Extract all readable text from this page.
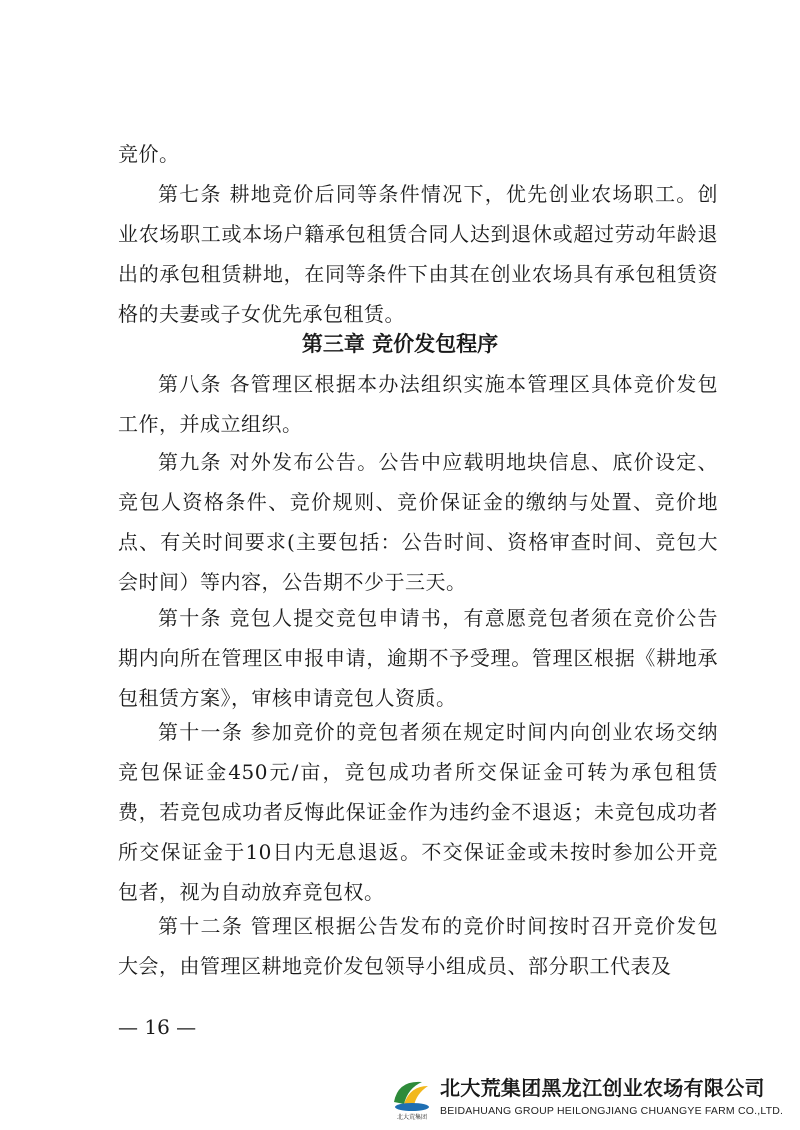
竞价。

第七条 耕地竞价后同等条件情况下，优先创业农场职工。创业农场职工或本场户籍承包租赁合同人达到退休或超过劳动年龄退出的承包租赁耕地，在同等条件下由其在创业农场具有承包租赁资格的夫妻或子女优先承包租赁。

第三章 竞价发包程序

第八条 各管理区根据本办法组织实施本管理区具体竞价发包工作，并成立组织。

第九条 对外发布公告。公告中应载明地块信息、底价设定、竞包人资格条件、竞价规则、竞价保证金的缴纳与处置、竞价地点、有关时间要求(主要包括：公告时间、资格审查时间、竞包大会时间）等内容，公告期不少于三天。

第十条 竞包人提交竞包申请书，有意愿竞包者须在竞价公告期内向所在管理区申报申请，逾期不予受理。管理区根据《耕地承包租赁方案》，审核申请竞包人资质。

第十一条 参加竞价的竞包者须在规定时间内向创业农场交纳竞包保证金450元/亩，竞包成功者所交保证金可转为承包租赁费，若竞包成功者反悔此保证金作为违约金不退返；未竞包成功者所交保证金于10日内无息退返。不交保证金或未按时参加公开竞包者，视为自动放弃竞包权。

第十二条 管理区根据公告发布的竞价时间按时召开竞价发包大会，由管理区耕地竞价发包领导小组成员、部分职工代表及

— 16 —
北大荒集团
北大荒集团黑龙江创业农场有限公司
BEIDAHUANG GROUP HEILONGJIANG CHUANGYE FARM CO.,LTD.
